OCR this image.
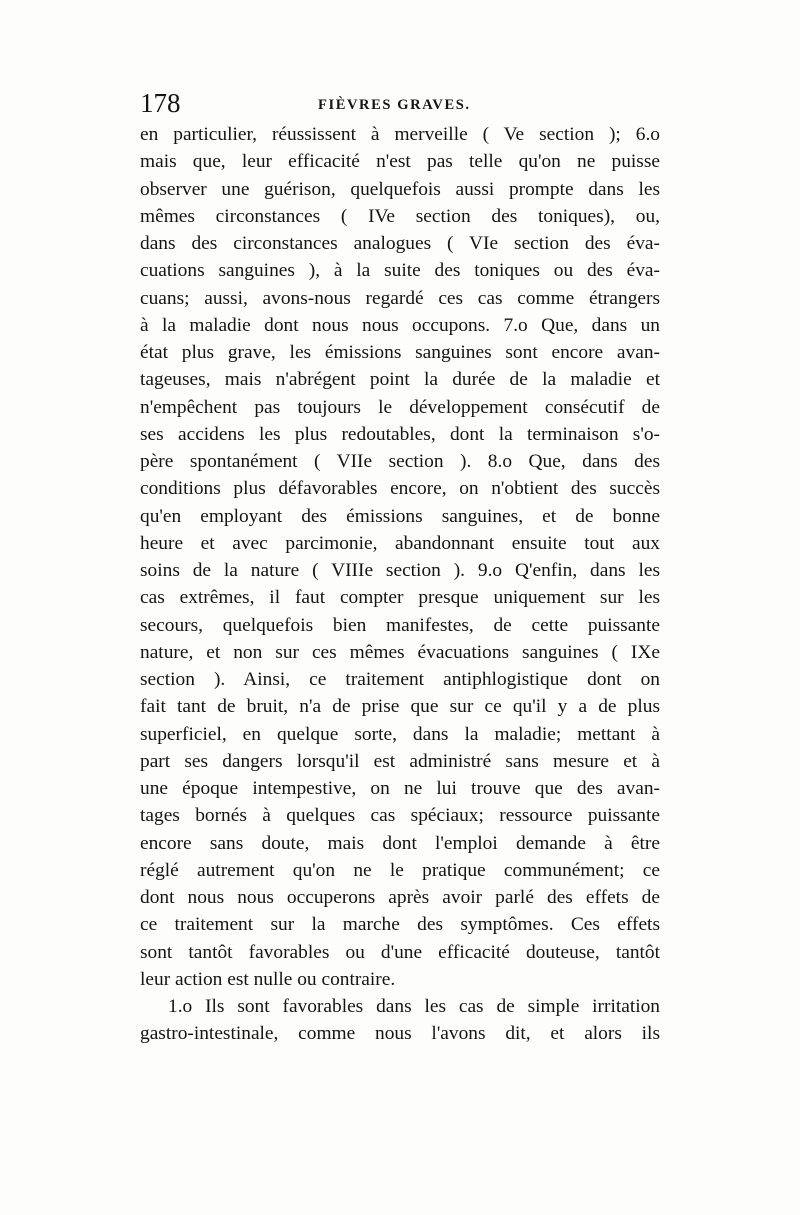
178	FIÈVRES GRAVES.
en particulier, réussissent à merveille ( Ve section ); 6.o
mais que, leur efficacité n'est pas telle qu'on ne puisse
observer une guérison, quelquefois aussi prompte dans les
mêmes circonstances ( IVe section des toniques), ou,
dans des circonstances analogues ( VIe section des éva-
cuations sanguines ), à la suite des toniques ou des éva-
cuans; aussi, avons-nous regardé ces cas comme étrangers
à la maladie dont nous nous occupons. 7.o Que, dans un
état plus grave, les émissions sanguines sont encore avan-
tageuses, mais n'abrégent point la durée de la maladie et
n'empêchent pas toujours le développement consécutif de
ses accidens les plus redoutables, dont la terminaison s'o-
père spontanément ( VIIe section ). 8.o Que, dans des
conditions plus défavorables encore, on n'obtient des succès
qu'en employant des émissions sanguines, et de bonne
heure et avec parcimonie, abandonnant ensuite tout aux
soins de la nature ( VIIIe section ). 9.o Q'enfin, dans les
cas extrêmes, il faut compter presque uniquement sur les
secours, quelquefois bien manifestes, de cette puissante
nature, et non sur ces mêmes évacuations sanguines ( IXe
section ). Ainsi, ce traitement antiphlogistique dont on
fait tant de bruit, n'a de prise que sur ce qu'il y a de plus
superficiel, en quelque sorte, dans la maladie; mettant à
part ses dangers lorsqu'il est administré sans mesure et à
une époque intempestive, on ne lui trouve que des avan-
tages bornés à quelques cas spéciaux; ressource puissante
encore sans doute, mais dont l'emploi demande à être
réglé autrement qu'on ne le pratique communément; ce
dont nous nous occuperons après avoir parlé des effets de
ce traitement sur la marche des symptômes. Ces effets
sont tantôt favorables ou d'une efficacité douteuse, tantôt
leur action est nulle ou contraire.
1.o Ils sont favorables dans les cas de simple irritation
gastro-intestinale, comme nous l'avons dit, et alors ils
